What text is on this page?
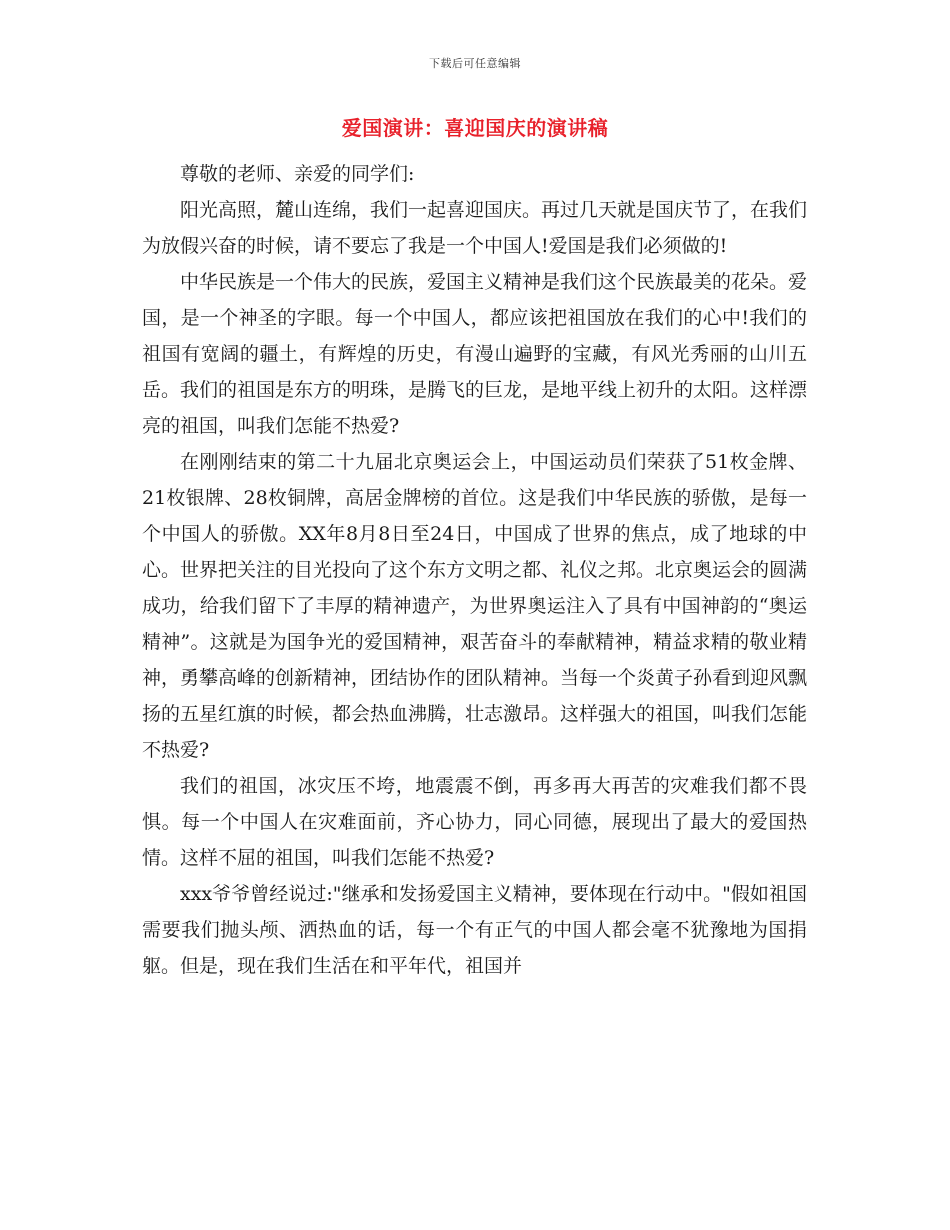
下载后可任意编辑
爱国演讲：喜迎国庆的演讲稿

尊敬的老师、亲爱的同学们:

阳光高照，麓山连绵，我们一起喜迎国庆。再过几天就是国庆节了，在我们为放假兴奋的时候，请不要忘了我是一个中国人!爱国是我们必须做的!

中华民族是一个伟大的民族，爱国主义精神是我们这个民族最美的花朵。爱国，是一个神圣的字眼。每一个中国人，都应该把祖国放在我们的心中!我们的祖国有宽阔的疆土，有辉煌的历史，有漫山遍野的宝藏，有风光秀丽的山川五岳。我们的祖国是东方的明珠，是腾飞的巨龙，是地平线上初升的太阳。这样漂亮的祖国，叫我们怎能不热爱?

在刚刚结束的第二十九届北京奥运会上，中国运动员们荣获了51枚金牌、21枚银牌、28枚铜牌，高居金牌榜的首位。这是我们中华民族的骄傲，是每一个中国人的骄傲。XX年8月8日至24日，中国成了世界的焦点，成了地球的中心。世界把关注的目光投向了这个东方文明之都、礼仪之邦。北京奥运会的圆满成功，给我们留下了丰厚的精神遗产，为世界奥运注入了具有中国神韵的“奥运精神”。这就是为国争光的爱国精神，艰苦奋斗的奉献精神，精益求精的敬业精神，勇攀高峰的创新精神，团结协作的团队精神。当每一个炎黄子孙看到迎风飘扬的五星红旗的时候，都会热血沸腾，壮志激昂。这样强大的祖国，叫我们怎能不热爱?

我们的祖国，冰灾压不垮，地震震不倒，再多再大再苦的灾难我们都不畏惧。每一个中国人在灾难面前，齐心协力，同心同德，展现出了最大的爱国热情。这样不屈的祖国，叫我们怎能不热爱?

xxx爷爷曾经说过:"继承和发扬爱国主义精神，要体现在行动中。"假如祖国需要我们抛头颅、洒热血的话，每一个有正气的中国人都会毫不犹豫地为国捐躯。但是，现在我们生活在和平年代，祖国并
